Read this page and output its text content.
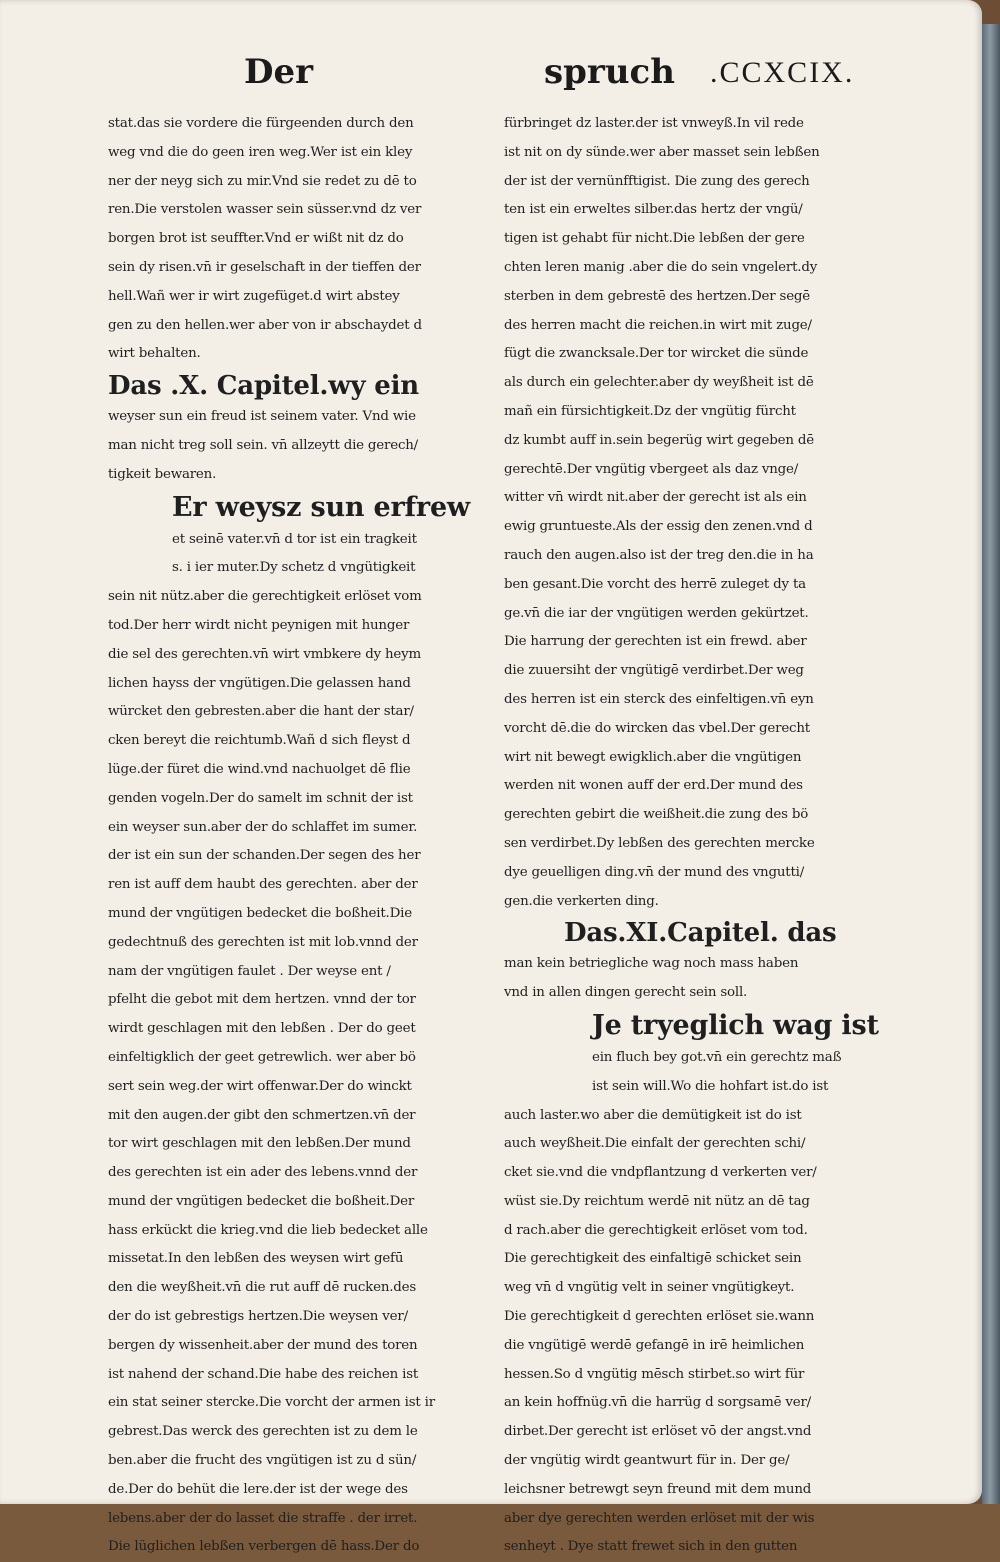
Der	spruch .CCXCIX.
stat.das sie vordere die fürgeenden durch den
weg vnd die do geen iren weg.Wer ist ein kley
ner der neyg sich zu mir.Vnd sie redet zu dē to
ren.Die verstolen wasser sein süsser.vnd dz ver
borgen brot ist seuffter.Vnd er wißt nit dz do
sein dy risen.vn̄ ir geselschaft in der tieffen der
hell.Wañ wer ir wirt zugefüget.d wirt abstey
gen zu den hellen.wer aber von ir abschaydet d
wirt behalten.
Das .X. Capitel.wy ein
weyser sun ein freud ist seinem vater. Vnd wie
man nicht treg soll sein. vn̄ allzeytt die gerech/
tigkeit bewaren.
Er weysz sun erfrew
et seinē vater.vn̄ d tor ist ein tragkeit
s. i ier muter.Dy schetz d vngütigkeit
sein nit nütz.aber die gerechtigkeit erlöset vom
tod.Der herr wirdt nicht peynigen mit hunger
die sel des gerechten.vn̄ wirt vmbkere dy heym
lichen hayss der vngütigen.Die gelassen hand
würcket den gebresten.aber die hant der star/
cken bereyt die reichtumb.Wañ d sich fleyst d
lüge.der füret die wind.vnd nachuolget dē flie
genden vogeln.Der do samelt im schnit der ist
ein weyser sun.aber der do schlaffet im sumer.
der ist ein sun der schanden.Der segen des her
ren ist auff dem haubt des gerechten. aber der
mund der vngütigen bedecket die boßheit.Die
gedechtnuß des gerechten ist mit lob.vnnd der
nam der vngütigen faulet . Der weyse ent /
pfelht die gebot mit dem hertzen. vnnd der tor
wirdt geschlagen mit den lebßen . Der do geet
einfeltigklich der geet getrewlich. wer aber bö
sert sein weg.der wirt offenwar.Der do winckt
mit den augen.der gibt den schmertzen.vn̄ der
tor wirt geschlagen mit den lebßen.Der mund
des gerechten ist ein ader des lebens.vnnd der
mund der vngütigen bedecket die boßheit.Der
hass erkückt die krieg.vnd die lieb bedecket alle
missetat.In den lebßen des weysen wirt gefū
den die weyßheit.vn̄ die rut auff dē rucken.des
der do ist gebrestigs hertzen.Die weysen ver/
bergen dy wissenheit.aber der mund des toren
ist nahend der schand.Die habe des reichen ist
ein stat seiner stercke.Die vorcht der armen ist ir
gebrest.Das werck des gerechten ist zu dem le
ben.aber die frucht des vngütigen ist zu d sün/
de.Der do behüt die lere.der ist der wege des
lebens.aber der do lasset die straffe . der irret.
Die lüglichen lebßen verbergen dē hass.Der do
fürbringet dz laster.der ist vnweyß.In vil rede
ist nit on dy sünde.wer aber masset sein lebßen
der ist der vernünfftigist. Die zung des gerech
ten ist ein erweltes silber.das hertz der vngü/
tigen ist gehabt für nicht.Die lebßen der gere
chten leren manig .aber die do sein vngelert.dy
sterben in dem gebrestē des hertzen.Der segē
des herren macht die reichen.in wirt mit zuge/
fügt die zwancksale.Der tor wircket die sünde
als durch ein gelechter.aber dy weyßheit ist dē
mañ ein fürsichtigkeit.Dz der vngütig fürcht
dz kumbt auff in.sein begerüg wirt gegeben dē
gerechtē.Der vngütig vbergeet als daz vnge/
witter vn̄ wirdt nit.aber der gerecht ist als ein
ewig gruntueste.Als der essig den zenen.vnd d
rauch den augen.also ist der treg den.die in ha
ben gesant.Die vorcht des herrē zuleget dy ta
ge.vn̄ die iar der vngütigen werden gekürtzet.
Die harrung der gerechten ist ein frewd. aber
die zuuersiht der vngütigē verdirbet.Der weg
des herren ist ein sterck des einfeltigen.vn̄ eyn
vorcht dē.die do wircken das vbel.Der gerecht
wirt nit bewegt ewigklich.aber die vngütigen
werden nit wonen auff der erd.Der mund des
gerechten gebirt die weißheit.die zung des bö
sen verdirbet.Dy lebßen des gerechten mercke
dye geuelligen ding.vn̄ der mund des vngutti/
gen.die verkerten ding.
Das.XI.Capitel. das
man kein betriegliche wag noch mass haben
vnd in allen dingen gerecht sein soll.
Je tryeglich wag ist
ein fluch bey got.vn̄ ein gerechtz maß
ist sein will.Wo die hohfart ist.do ist
auch laster.wo aber die demütigkeit ist do ist
auch weyßheit.Die einfalt der gerechten schi/
cket sie.vnd die vndpflantzung d verkerten ver/
wüst sie.Dy reichtum werdē nit nütz an dē tag
d rach.aber die gerechtigkeit erlöset vom tod.
Die gerechtigkeit des einfaltigē schicket sein
weg vn̄ d vngütig velt in seiner vngütigkeyt.
Die gerechtigkeit d gerechten erlöset sie.wann
die vngütigē werdē gefangē in irē heimlichen
hessen.So d vngütig mēsch stirbet.so wirt für
an kein hoffnüg.vn̄ die harrüg d sorgsamē ver/
dirbet.Der gerecht ist erlöset vō der angst.vnd
der vngütig wirdt geantwurt für in. Der ge/
leichsner betrewgt seyn freund mit dem mund
aber dye gerechten werden erlöset mit der wis
senheyt . Dye statt frewet sich in den gutten
